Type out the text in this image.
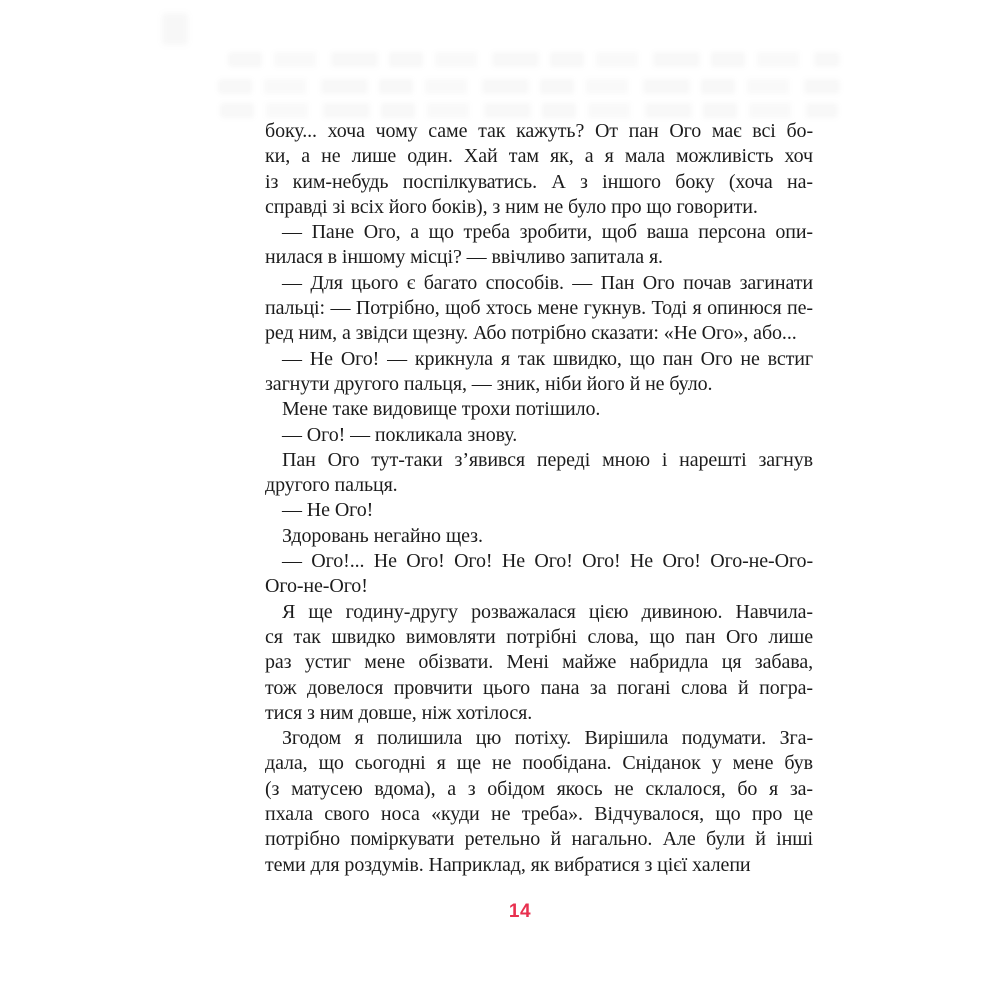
боку... хоча чому саме так кажуть? От пан Ого має всі бо-
ки, а не лише один. Хай там як, а я мала можливість хоч
із ким-небудь поспілкуватись. А з іншого боку (хоча на-
справді зі всіх його боків), з ним не було про що говорити.
— Пане Ого, а що треба зробити, щоб ваша персона опи-
нилася в іншому місці? — ввічливо запитала я.
— Для цього є багато способів. — Пан Ого почав загинати
пальці: — Потрібно, щоб хтось мене гукнув. Тоді я опинюся пе-
ред ним, а звідси щезну. Або потрібно сказати: «Не Ого», або...
— Не Ого! — крикнула я так швидко, що пан Ого не встиг
загнути другого пальця, — зник, ніби його й не було.
Мене таке видовище трохи потішило.
— Ого! — покликала знову.
Пан Ого тут-таки з’явився переді мною і нарешті загнув
другого пальця.
— Не Ого!
Здоровань негайно щез.
— Ого!... Не Ого! Ого! Не Ого! Ого! Не Ого! Ого-не-Ого-
Ого-не-Ого!
Я ще годину-другу розважалася цією дивиною. Навчила-
ся так швидко вимовляти потрібні слова, що пан Ого лише
раз устиг мене обізвати. Мені майже набридла ця забава,
тож довелося провчити цього пана за погані слова й погра-
тися з ним довше, ніж хотілося.
Згодом я полишила цю потіху. Вирішила подумати. Зга-
дала, що сьогодні я ще не пообідана. Сніданок у мене був
(з матусею вдома), а з обідом якось не склалося, бо я за-
пхала свого носа «куди не треба». Відчувалося, що про це
потрібно поміркувати ретельно й нагально. Але були й інші
теми для роздумів. Наприклад, як вибратися з цієї халепи
14
